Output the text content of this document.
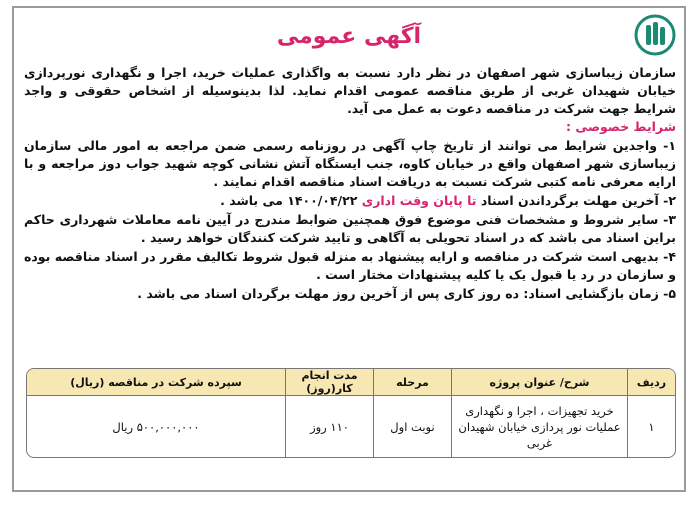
آگهی عمومی

سازمان زیباسازی شهر اصفهان در نظر دارد نسبت به واگذاری عملیات خرید، اجرا و نگهداری نورپردازی خیابان شهیدان غربی از طریق مناقصه عمومی اقدام نماید. لذا بدینوسیله از اشخاص حقوقی و واجد شرایط جهت شرکت در مناقصه دعوت به عمل می آید.

شرایط خصوصی :

۱- واجدین شرایط می توانند از تاریخ چاپ آگهی در روزنامه رسمی ضمن مراجعه به امور مالی سازمان زیباسازی شهر اصفهان واقع در خیابان کاوه، جنب ایستگاه آتش نشانی کوچه شهید جواب دوز مراجعه و با ارایه معرفی نامه کتبی شرکت نسبت به دریافت اسناد مناقصه اقدام نمایند .

۲- آخرین مهلت برگرداندن اسناد تا پایان وقت اداری ۱۴۰۰/۰۴/۲۲ می باشد .

۳- سایر شروط و مشخصات فنی موضوع فوق همچنین ضوابط مندرج در آیین نامه معاملات شهرداری حاکم براین اسناد می باشد که در اسناد تحویلی به آگاهی و تایید شرکت کنندگان خواهد رسید .

۴- بدیهی است شرکت در مناقصه و ارایه پیشنهاد به منزله قبول شروط تکالیف مقرر در اسناد مناقصه بوده و سازمان در رد یا قبول یک یا کلیه پیشنهادات مختار است .

۵- زمان بازگشایی اسناد: ده روز کاری پس از آخرین روز مهلت برگردان اسناد می باشد .

ردیف
شرح/ عنوان پروژه
مرحله
مدت انجام کار(روز)
سپرده شرکت در مناقصه (ریال)
۱
خرید تجهیزات ، اجرا و نگهداری عملیات نور پردازی خیابان شهیدان غربی
نوبت اول
۱۱۰ روز
۵۰۰,۰۰۰,۰۰۰ ریال
